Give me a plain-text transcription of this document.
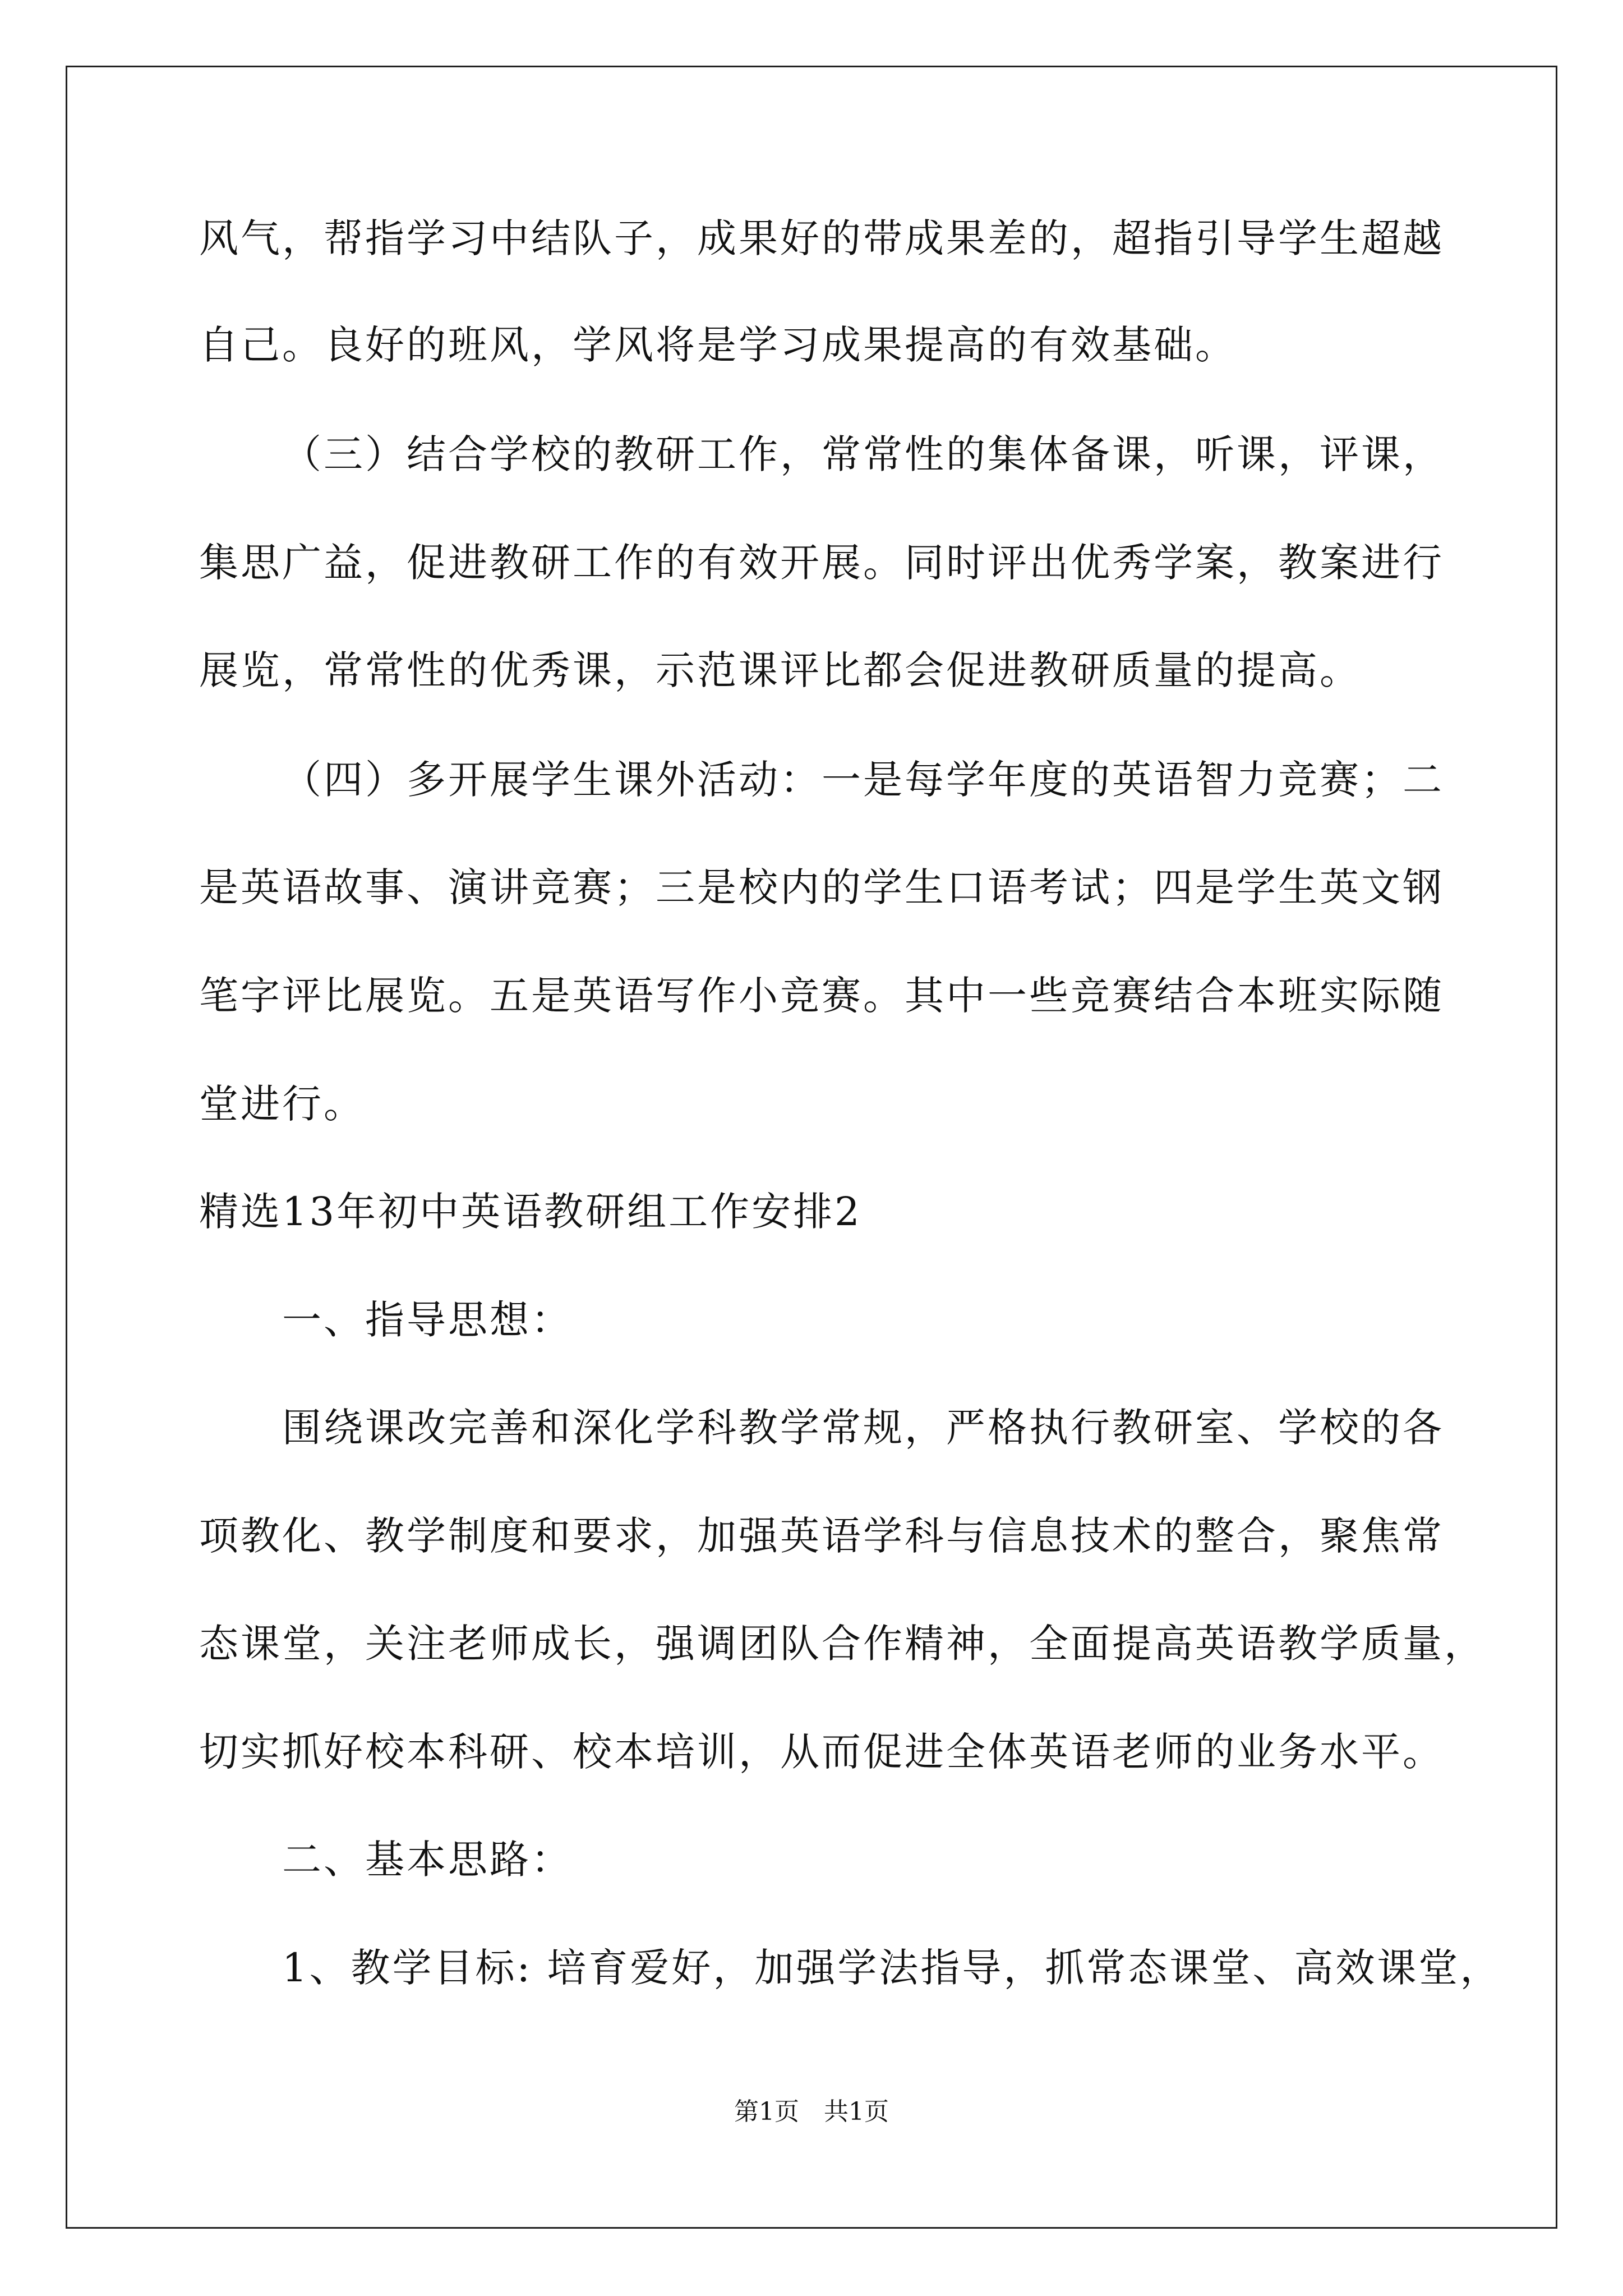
风气，帮指学习中结队子，成果好的带成果差的，超指引导学生超越
自己。良好的班风，学风将是学习成果提高的有效基础。
（三）结合学校的教研工作，常常性的集体备课，听课，评课，
集思广益，促进教研工作的有效开展。同时评出优秀学案，教案进行
展览，常常性的优秀课，示范课评比都会促进教研质量的提高。
（四）多开展学生课外活动：一是每学年度的英语智力竞赛；二
是英语故事、演讲竞赛；三是校内的学生口语考试；四是学生英文钢
笔字评比展览。五是英语写作小竞赛。其中一些竞赛结合本班实际随
堂进行。
精选13年初中英语教研组工作安排2
一、指导思想：
围绕课改完善和深化学科教学常规，严格执行教研室、学校的各
项教化、教学制度和要求，加强英语学科与信息技术的整合，聚焦常
态课堂，关注老师成长，强调团队合作精神，全面提高英语教学质量，
切实抓好校本科研、校本培训，从而促进全体英语老师的业务水平。
二、基本思路：
1、教学目标: 培育爱好，加强学法指导，抓常态课堂、高效课堂，
第1页　共1页
